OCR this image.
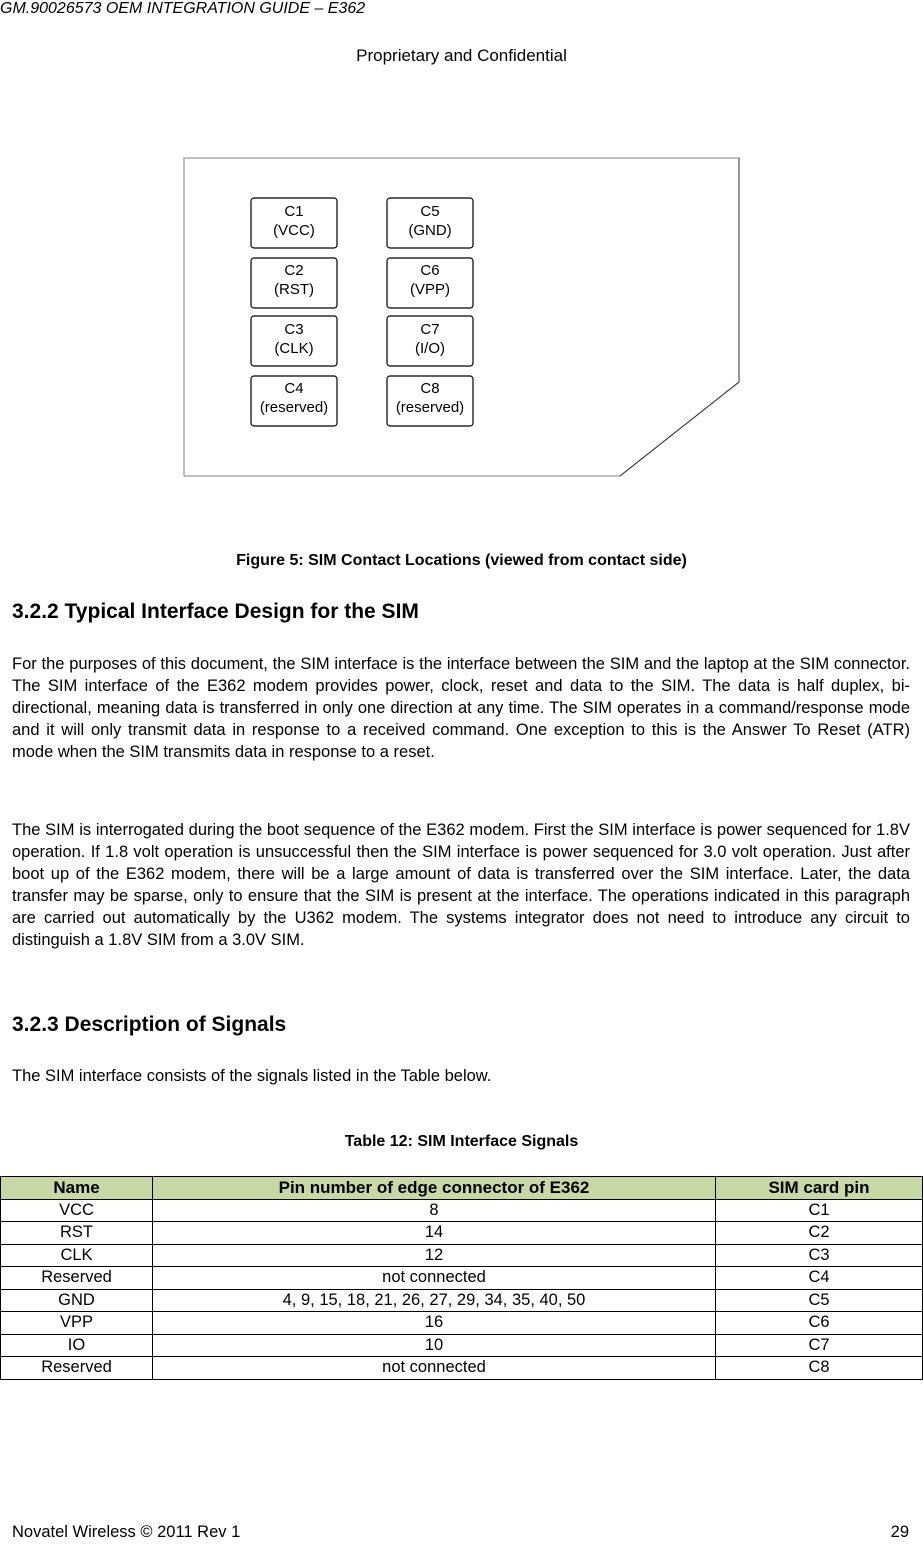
GM.90026573 OEM INTEGRATION GUIDE – E362
Proprietary and Confidential
C1
(VCC)
C2
(RST)
C3
(CLK)
C4
(reserved)
C5
(GND)
C6
(VPP)
C7
(I/O)
C8
(reserved)
Figure 5: SIM Contact Locations (viewed from contact side)
3.2.2 Typical Interface Design for the SIM

For the purposes of this document, the SIM interface is the interface between the SIM and the laptop at the SIM connector. The SIM interface of the E362 modem provides power, clock, reset and data to the SIM. The data is half duplex, bi-directional, meaning data is transferred in only one direction at any time. The SIM operates in a command/response mode and it will only transmit data in response to a received command. One exception to this is the Answer To Reset (ATR) mode when the SIM transmits data in response to a reset.

The SIM is interrogated during the boot sequence of the E362 modem. First the SIM interface is power sequenced for 1.8V operation. If 1.8 volt operation is unsuccessful then the SIM interface is power sequenced for 3.0 volt operation. Just after boot up of the E362 modem, there will be a large amount of data is transferred over the SIM interface. Later, the data transfer may be sparse, only to ensure that the SIM is present at the interface. The operations indicated in this paragraph are carried out automatically by the U362 modem. The systems integrator does not need to introduce any circuit to distinguish a 1.8V SIM from a 3.0V SIM.

3.2.3 Description of Signals

The SIM interface consists of the signals listed in the Table below.

Table 12: SIM Interface Signals
Name	Pin number of edge connector of E362	SIM card pin
VCC	8	C1
RST	14	C2
CLK	12	C3
Reserved	not connected	C4
GND	4, 9, 15, 18, 21, 26, 27, 29, 34, 35, 40, 50	C5
VPP	16	C6
IO	10	C7
Reserved	not connected	C8
Novatel Wireless © 2011 Rev 1	29
